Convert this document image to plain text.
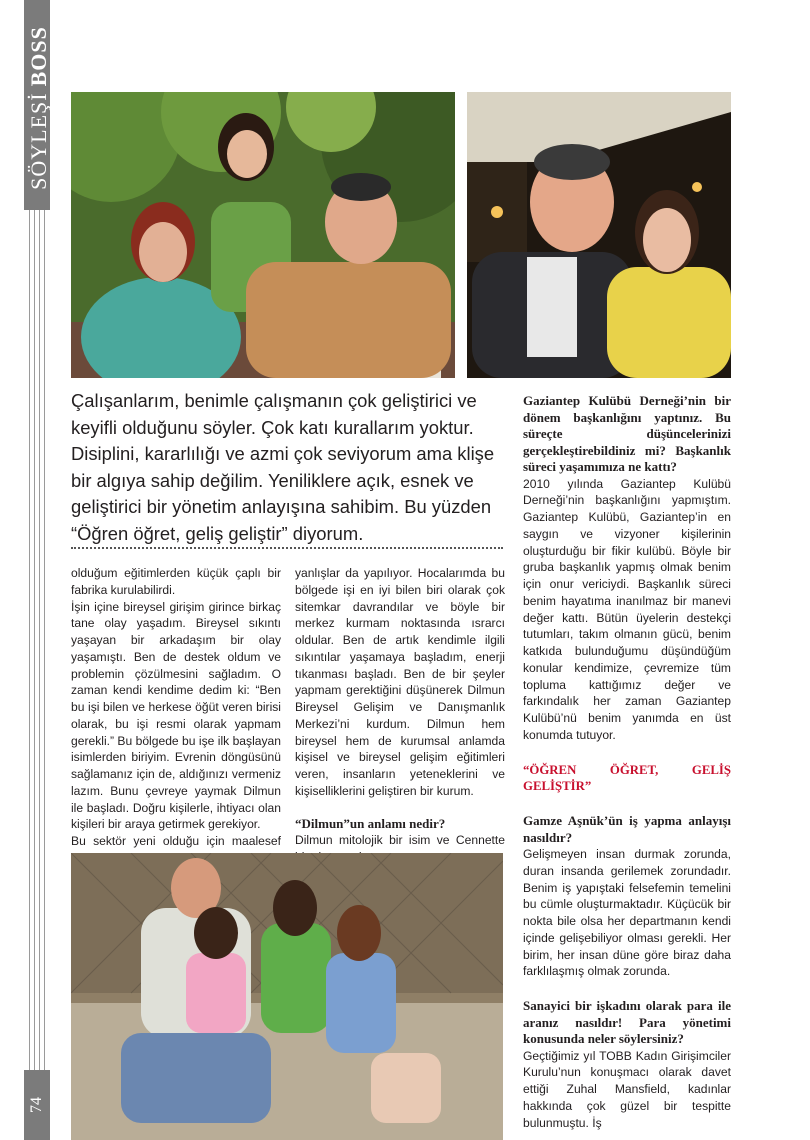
SÖYLEŞİ
BOSS
74
Çalışanlarım, benimle çalışmanın çok geliştirici ve keyifli olduğunu söyler. Çok katı kurallarım yoktur. Disiplini, kararlılığı ve azmi çok seviyorum ama klişe bir algıya sahip değilim. Yeniliklere açık, esnek ve geliştirici bir yönetim anlayışına sahibim. Bu yüzden “Öğren öğret, geliş geliştir” diyorum.

olduğum eğitimlerden küçük çaplı bir fabrika kurulabilirdi.

İşin içine bireysel girişim girince birkaç tane olay yaşadım. Bireysel sıkıntı yaşayan bir arkadaşım bir olay yaşamıştı. Ben de destek oldum ve problemin çözülmesini sağladım. O zaman kendi kendime dedim ki: “Ben bu işi bilen ve herkese öğüt veren birisi olarak, bu işi resmi olarak yapmam gerekli.” Bu bölgede bu işe ilk başlayan isimlerden biriyim. Evrenin döngüsünü sağlamanız için de, aldığınızı vermeniz lazım. Bunu çevreye yaymak Dilmun ile başladı. Doğru kişilerle, ihtiyacı olan kişileri bir araya getirmek gerekiyor.

Bu sektör yeni olduğu için maalesef

yanlışlar da yapılıyor. Hocalarımda bu bölgede işi en iyi bilen biri olarak çok sitemkar davrandılar ve böyle bir merkez kurmam noktasında ısrarcı oldular. Ben de artık kendimle ilgili sıkıntılar yaşamaya başladım, enerji tıkanması başladı. Ben de bir şeyler yapmam gerektiğini düşünerek Dilmun Bireysel Gelişim ve Danışmanlık Merkezi’ni kurdum. Dilmun hem bireysel hem de kurumsal anlamda kişisel ve bireysel gelişim eğitimleri veren, insanların yeteneklerini ve kişiselliklerini geliştiren bir kurum.

“Dilmun”un anlamı nedir?

Dilmun mitolojik bir isim ve Cennette

Gaziantep Kulübü Derneği’nin bir dönem başkanlığını yaptınız. Bu süreçte düşüncelerinizi gerçekleştirebildiniz mi? Başkanlık süreci yaşamımıza ne kattı?

2010 yılında Gaziantep Kulübü Derneği’nin başkanlığını yapmıştım. Gaziantep Kulübü, Gaziantep’in en saygın ve vizyoner kişilerinin oluşturduğu bir fikir kulübü. Böyle bir gruba başkanlık yapmış olmak benim için onur vericiydi. Başkanlık süreci benim hayatıma inanılmaz bir manevi değer kattı. Bütün üyelerin destekçi tutumları, takım olmanın gücü, benim katkıda bulunduğumu düşündüğüm konular kendimize, çevremize tüm topluma kattığımız değer ve farkındalık her zaman Gaziantep Kulübü’nü benim yanımda en üst konumda tutuyor.

“ÖĞREN ÖĞRET, GELİŞ GELİŞTİR”

Gamze Aşnük’ün iş yapma anlayışı nasıldır?

Gelişmeyen insan durmak zorunda, duran insanda gerilemek zorundadır. Benim iş yapıştaki felsefemin temelini bu cümle oluşturmaktadır. Küçücük bir nokta bile olsa her departmanın kendi içinde gelişebiliyor olması gerekli. Her birim, her insan düne göre biraz daha farklılaşmış olmak zorunda.

Sanayici bir işkadını olarak para ile aranız nasıldır! Para yönetimi konusunda neler söylersiniz?

Geçtiğimiz yıl TOBB Kadın Girişimciler Kurulu’nun konuşmacı olarak davet ettiği Zuhal Mansfield, kadınlar hakkında çok güzel bir tespitte bulunmuştu. İş
